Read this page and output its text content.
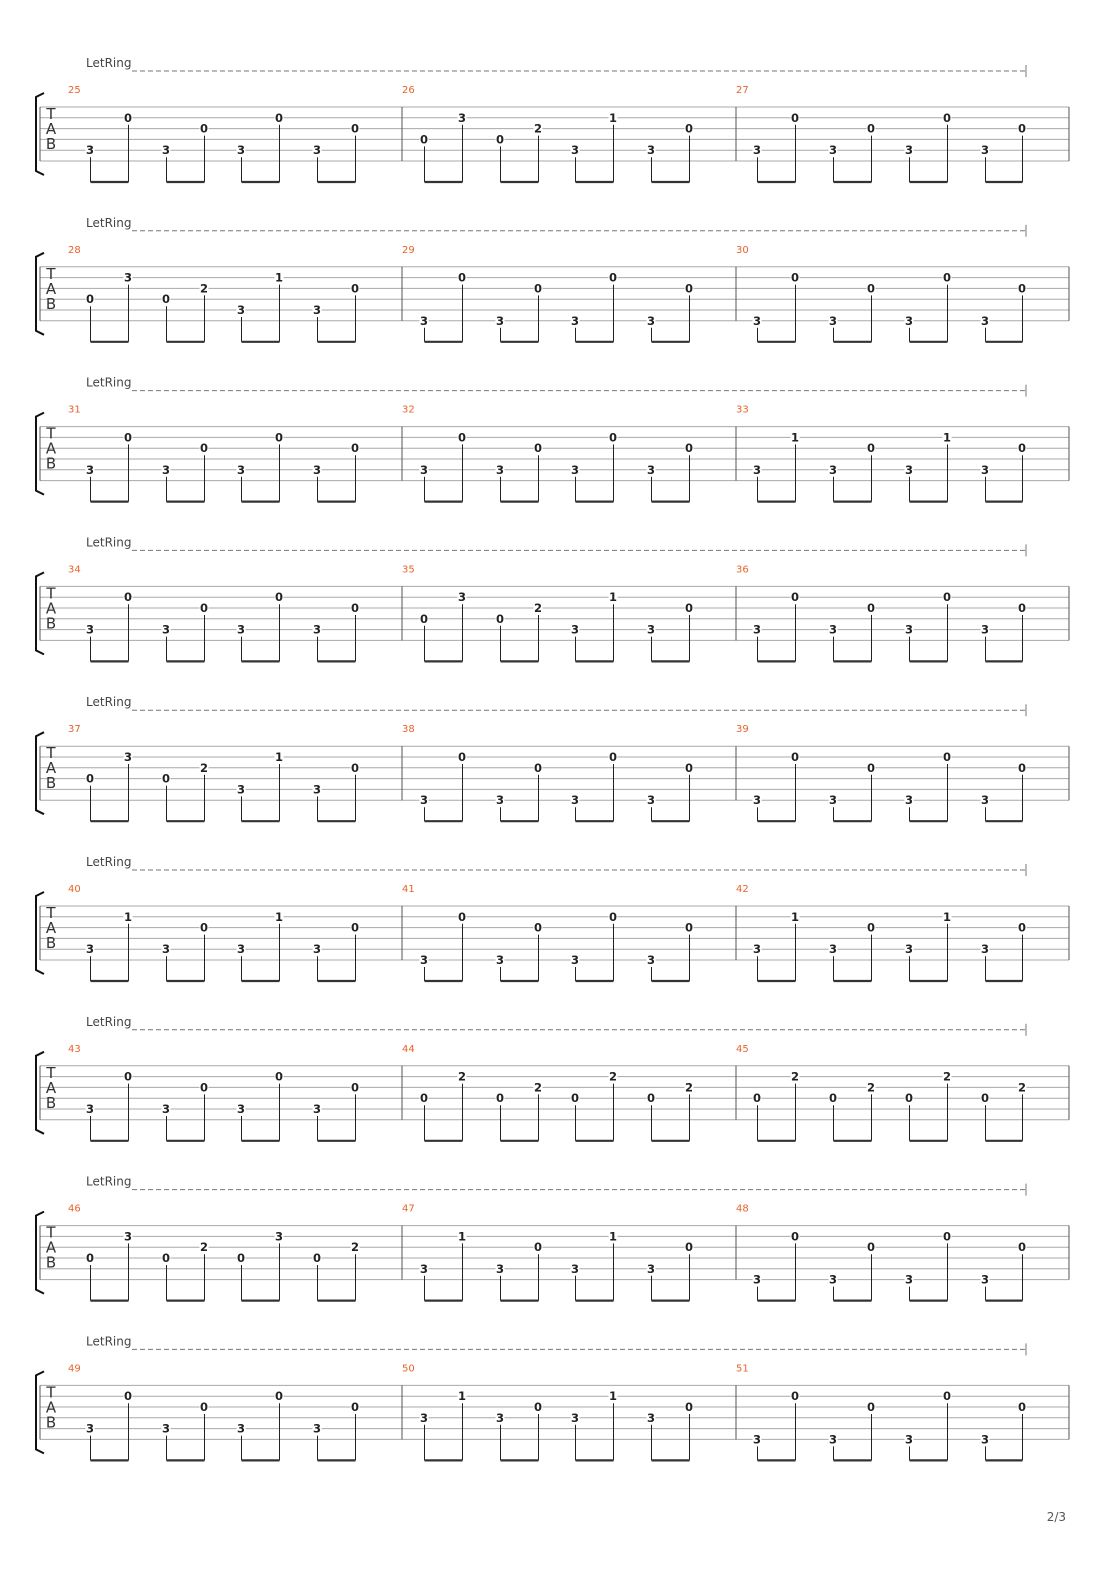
LetRing
T
A
B
25
3
0
3
0
3
0
3
0
26
0
3
0
2
3
1
3
0
27
3
0
3
0
3
0
3
0
LetRing
T
A
B
28
0
3
0
2
3
1
3
0
29
3
0
3
0
3
0
3
0
30
3
0
3
0
3
0
3
0
LetRing
T
A
B
31
3
0
3
0
3
0
3
0
32
3
0
3
0
3
0
3
0
33
3
1
3
0
3
1
3
0
LetRing
T
A
B
34
3
0
3
0
3
0
3
0
35
0
3
0
2
3
1
3
0
36
3
0
3
0
3
0
3
0
LetRing
T
A
B
37
0
3
0
2
3
1
3
0
38
3
0
3
0
3
0
3
0
39
3
0
3
0
3
0
3
0
LetRing
T
A
B
40
3
1
3
0
3
1
3
0
41
3
0
3
0
3
0
3
0
42
3
1
3
0
3
1
3
0
LetRing
T
A
B
43
3
0
3
0
3
0
3
0
44
0
2
0
2
0
2
0
2
45
0
2
0
2
0
2
0
2
LetRing
T
A
B
46
0
3
0
2
0
3
0
2
47
3
1
3
0
3
1
3
0
48
3
0
3
0
3
0
3
0
LetRing
T
A
B
49
3
0
3
0
3
0
3
0
50
3
1
3
0
3
1
3
0
51
3
0
3
0
3
0
3
0
2/3
